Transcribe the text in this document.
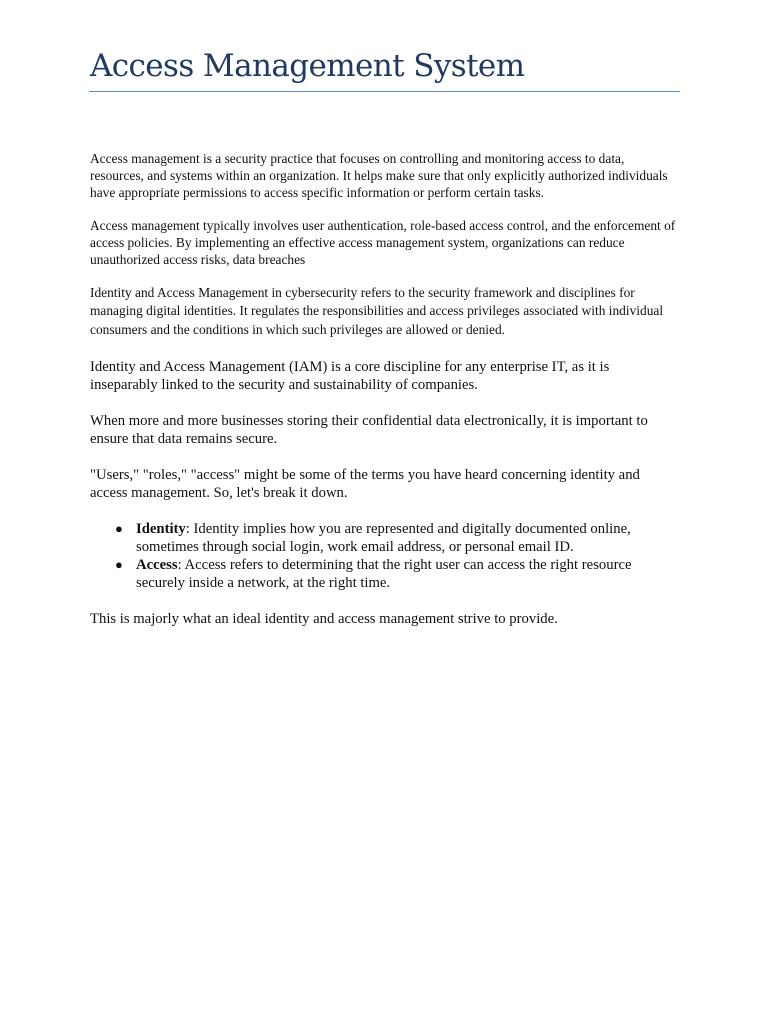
Access Management System

Access management is a security practice that focuses on controlling and monitoring access to data, resources, and systems within an organization. It helps make sure that only explicitly authorized individuals have appropriate permissions to access specific information or perform certain tasks.

Access management typically involves user authentication, role-based access control, and the enforcement of access policies. By implementing an effective access management system, organizations can reduce unauthorized access risks, data breaches

Identity and Access Management in cybersecurity refers to the security framework and disciplines for managing digital identities. It regulates the responsibilities and access privileges associated with individual consumers and the conditions in which such privileges are allowed or denied.

Identity and Access Management (IAM) is a core discipline for any enterprise IT, as it is inseparably linked to the security and sustainability of companies.

When more and more businesses storing their confidential data electronically, it is important to ensure that data remains secure.

"Users," "roles," "access" might be some of the terms you have heard concerning identity and access management. So, let's break it down.

● Identity: Identity implies how you are represented and digitally documented online, sometimes through social login, work email address, or personal email ID.
● Access: Access refers to determining that the right user can access the right resource securely inside a network, at the right time.

This is majorly what an ideal identity and access management strive to provide.
